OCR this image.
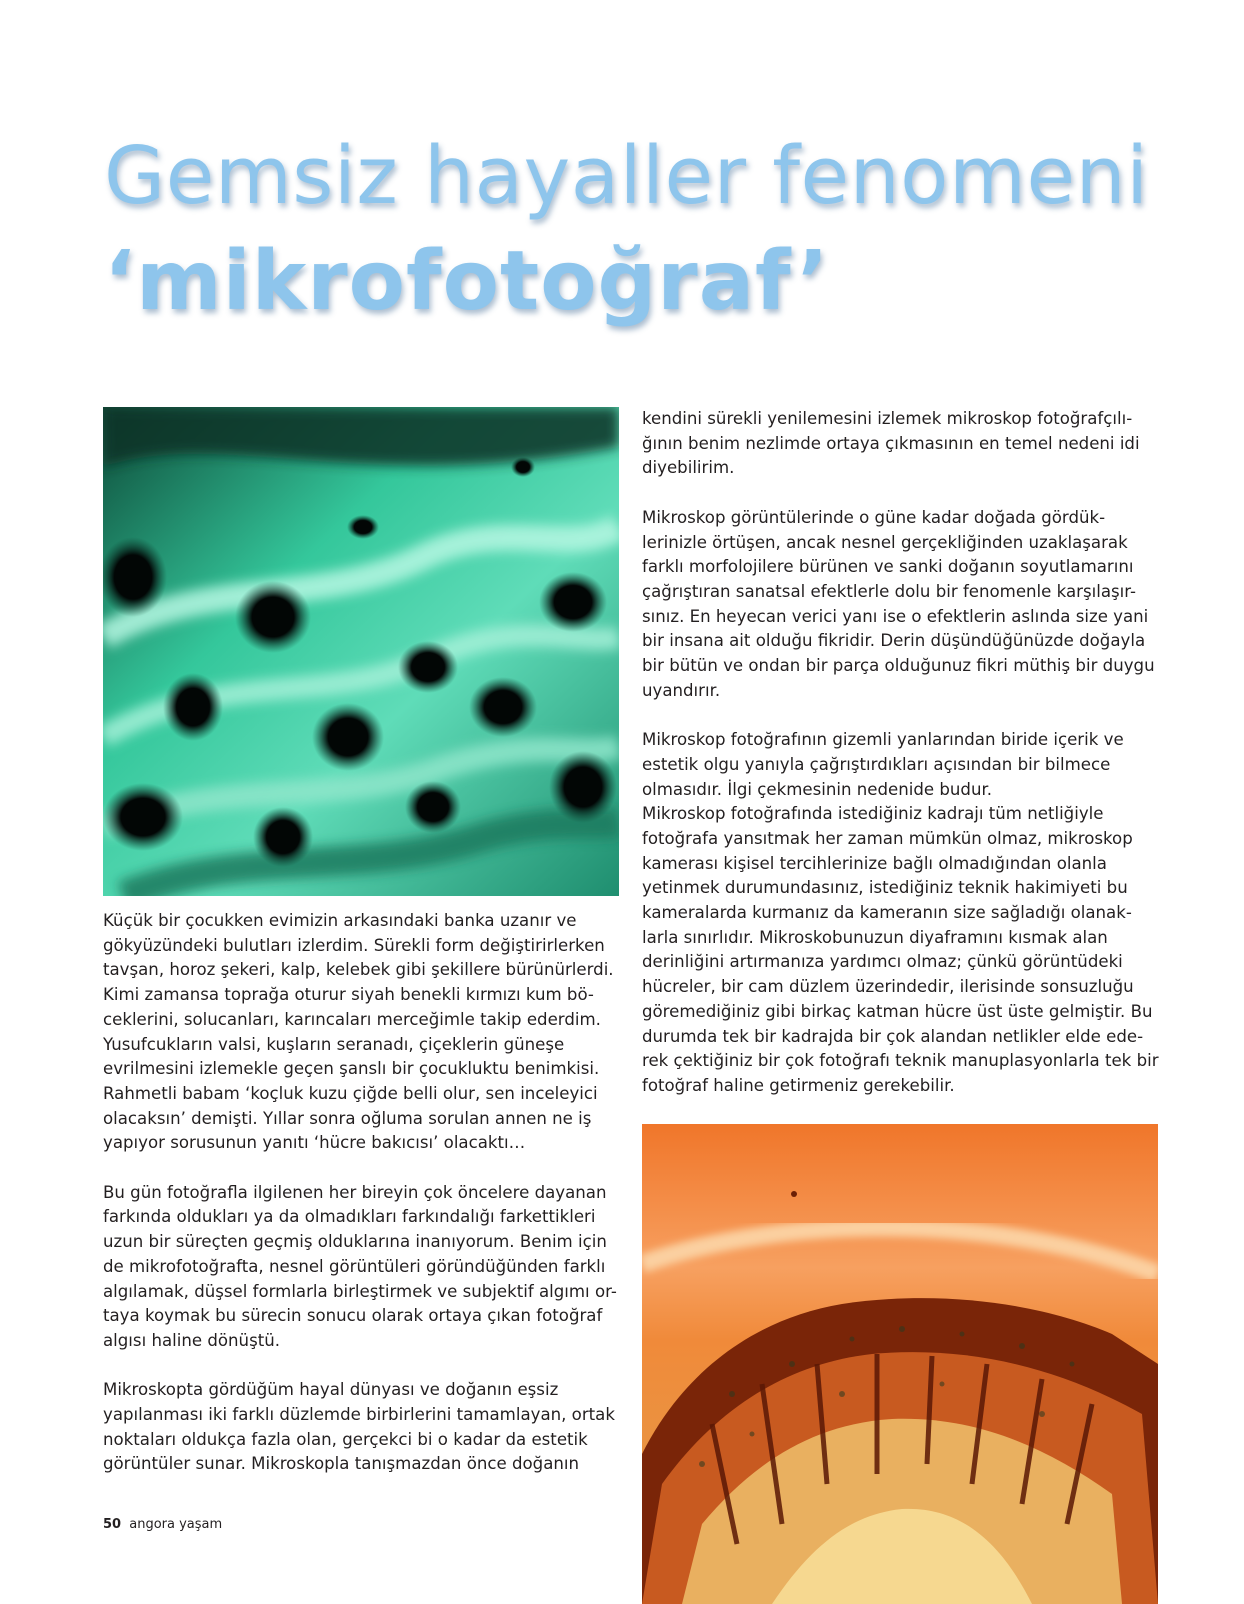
Gemsiz hayaller fenomeni
‘mikrofotoğraf’

Küçük bir çocukken evimizin arkasındaki banka uzanır ve
gökyüzündeki bulutları izlerdim. Sürekli form değiştirirlerken
tavşan, horoz şekeri, kalp, kelebek gibi şekillere bürünürlerdi.
Kimi zamansa toprağa oturur siyah benekli kırmızı kum bö-
ceklerini, solucanları, karıncaları merceğimle takip ederdim.
Yusufcukların valsi, kuşların seranadı, çiçeklerin güneşe
evrilmesini izlemekle geçen şanslı bir çocukluktu benimkisi.
Rahmetli babam ‘koçluk kuzu çiğde belli olur, sen inceleyici
olacaksın’ demişti. Yıllar sonra oğluma sorulan annen ne iş
yapıyor sorusunun yanıtı ‘hücre bakıcısı’ olacaktı…

Bu gün fotoğrafla ilgilenen her bireyin çok öncelere dayanan
farkında oldukları ya da olmadıkları farkındalığı farkettikleri
uzun bir süreçten geçmiş olduklarına inanıyorum. Benim için
de mikrofotoğrafta, nesnel görüntüleri göründüğünden farklı
algılamak, düşsel formlarla birleştirmek ve subjektif algımı or-
taya koymak bu sürecin sonucu olarak ortaya çıkan fotoğraf
algısı haline dönüştü.

Mikroskopta gördüğüm hayal dünyası ve doğanın eşsiz
yapılanması iki farklı düzlemde birbirlerini tamamlayan, ortak
noktaları oldukça fazla olan, gerçekci bi o kadar da estetik
görüntüler sunar. Mikroskopla tanışmazdan önce doğanın

kendini sürekli yenilemesini izlemek mikroskop fotoğrafçılı-
ğının benim nezlimde ortaya çıkmasının en temel nedeni idi
diyebilirim.

Mikroskop görüntülerinde o güne kadar doğada gördük-
lerinizle örtüşen, ancak nesnel gerçekliğinden uzaklaşarak
farklı morfolojilere bürünen ve sanki doğanın soyutlamarını
çağrıştıran sanatsal efektlerle dolu bir fenomenle karşılaşır-
sınız. En heyecan verici yanı ise o efektlerin aslında size yani
bir insana ait olduğu fikridir. Derin düşündüğünüzde doğayla
bir bütün ve ondan bir parça olduğunuz fikri müthiş bir duygu
uyandırır.

Mikroskop fotoğrafının gizemli yanlarından biride içerik ve
estetik olgu yanıyla çağrıştırdıkları açısından bir bilmece
olmasıdır. İlgi çekmesinin nedenide budur.

Mikroskop fotoğrafında istediğiniz kadrajı tüm netliğiyle
fotoğrafa yansıtmak her zaman mümkün olmaz, mikroskop
kamerası kişisel tercihlerinize bağlı olmadığından olanla
yetinmek durumundasınız, istediğiniz teknik hakimiyeti bu
kameralarda kurmanız da kameranın size sağladığı olanak-
larla sınırlıdır. Mikroskobunuzun diyaframını kısmak alan
derinliğini artırmanıza yardımcı olmaz; çünkü görüntüdeki
hücreler, bir cam düzlem üzerindedir, ilerisinde sonsuzluğu
göremediğiniz gibi birkaç katman hücre üst üste gelmiştir. Bu
durumda tek bir kadrajda bir çok alandan netlikler elde ede-
rek çektiğiniz bir çok fotoğrafı teknik manuplasyonlarla tek bir
fotoğraf haline getirmeniz gerekebilir.

50 angora yaşam
